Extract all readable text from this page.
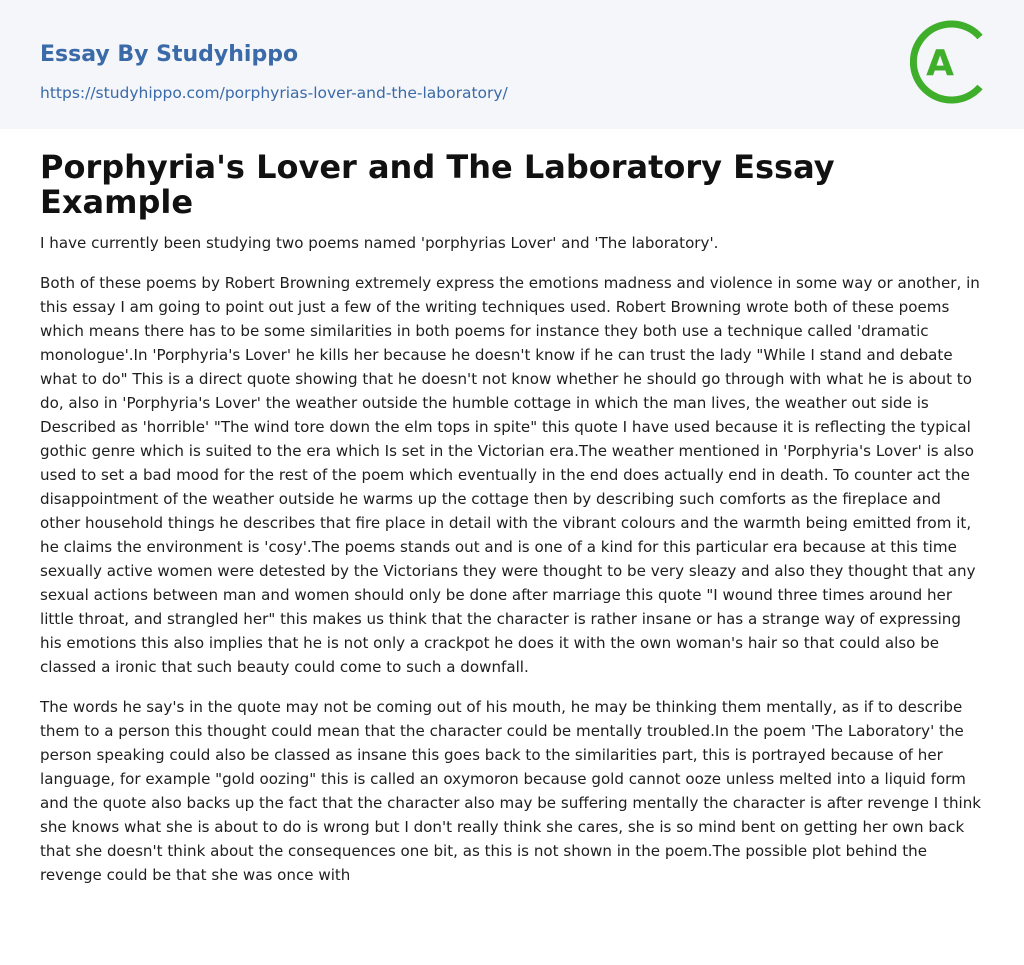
Essay By Studyhippo
https://studyhippo.com/porphyrias-lover-and-the-laboratory/
A
Porphyria's Lover and The Laboratory Essay Example

I have currently been studying two poems named 'porphyrias Lover' and 'The laboratory'.

Both of these poems by Robert Browning extremely express the emotions madness and violence in some way or another, in this essay I am going to point out just a few of the writing techniques used. Robert Browning wrote both of these poems which means there has to be some similarities in both poems for instance they both use a technique called 'dramatic monologue'.In 'Porphyria's Lover' he kills her because he doesn't know if he can trust the lady "While I stand and debate what to do" This is a direct quote showing that he doesn't not know whether he should go through with what he is about to do, also in 'Porphyria's Lover' the weather outside the humble cottage in which the man lives, the weather out side is Described as 'horrible' "The wind tore down the elm tops in spite" this quote I have used because it is reflecting the typical gothic genre which is suited to the era which Is set in the Victorian era.The weather mentioned in 'Porphyria's Lover' is also used to set a bad mood for the rest of the poem which eventually in the end does actually end in death. To counter act the disappointment of the weather outside he warms up the cottage then by describing such comforts as the fireplace and other household things he describes that fire place in detail with the vibrant colours and the warmth being emitted from it, he claims the environment is 'cosy'.The poems stands out and is one of a kind for this particular era because at this time sexually active women were detested by the Victorians they were thought to be very sleazy and also they thought that any sexual actions between man and women should only be done after marriage this quote "I wound three times around her little throat, and strangled her" this makes us think that the character is rather insane or has a strange way of expressing his emotions this also implies that he is not only a crackpot he does it with the own woman's hair so that could also be classed a ironic that such beauty could come to such a downfall.

The words he say's in the quote may not be coming out of his mouth, he may be thinking them mentally, as if to describe them to a person this thought could mean that the character could be mentally troubled.In the poem 'The Laboratory' the person speaking could also be classed as insane this goes back to the similarities part, this is portrayed because of her language, for example "gold oozing" this is called an oxymoron because gold cannot ooze unless melted into a liquid form and the quote also backs up the fact that the character also may be suffering mentally the character is after revenge I think she knows what she is about to do is wrong but I don't really think she cares, she is so mind bent on getting her own back that she doesn't think about the consequences one bit, as this is not shown in the poem.The possible plot behind the revenge could be that she was once with
